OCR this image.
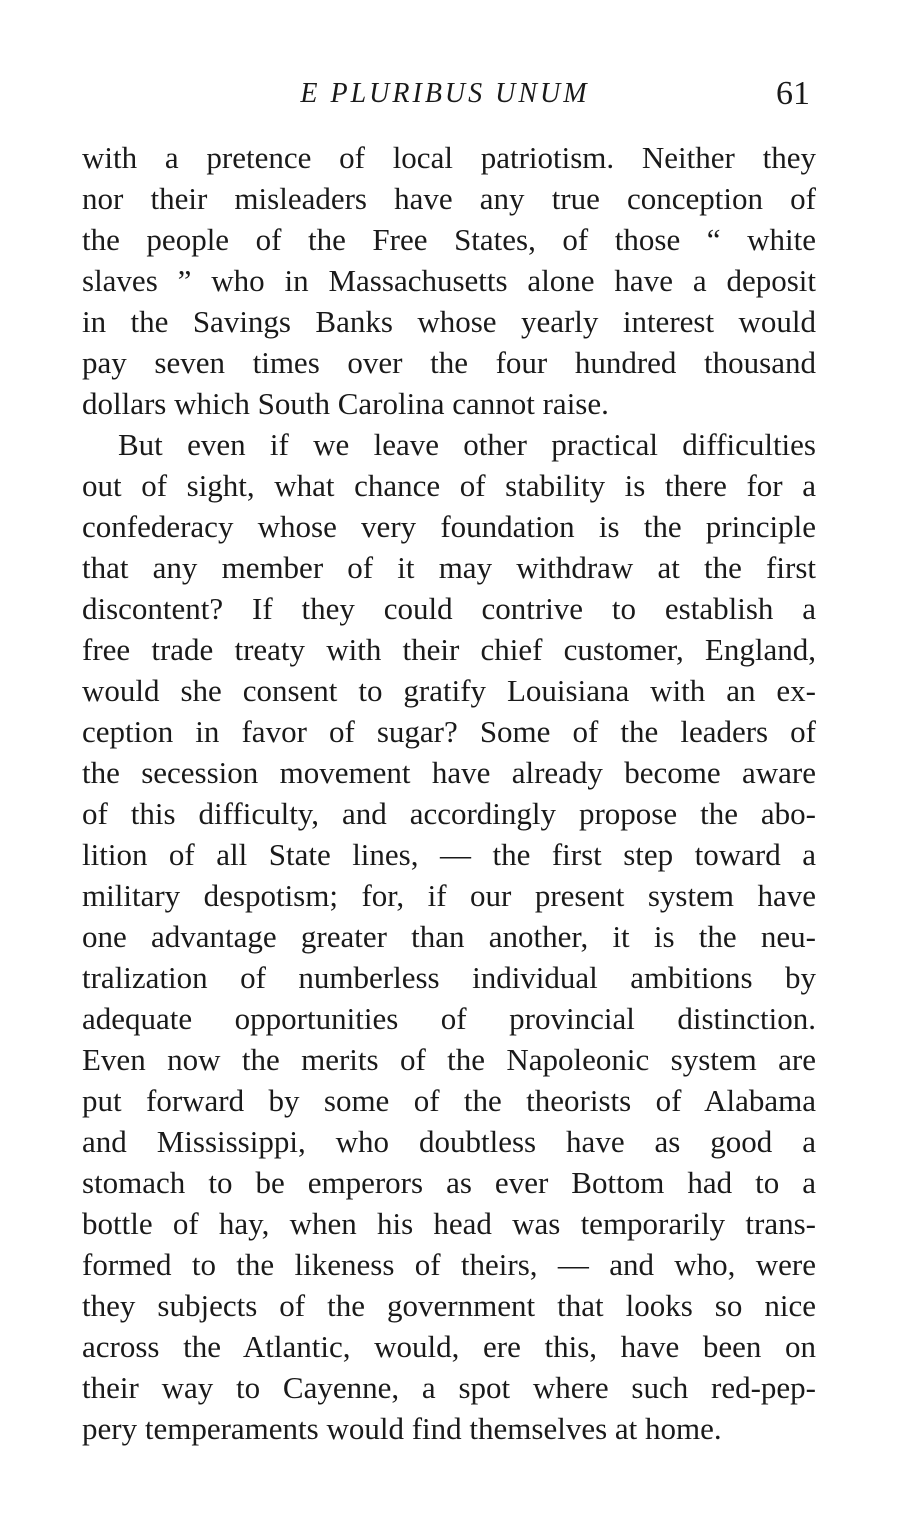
E PLURIBUS UNUM	61
with a pretence of local patriotism. Neither they
nor their misleaders have any true conception of
the people of the Free States, of those “ white
slaves ” who in Massachusetts alone have a deposit
in the Savings Banks whose yearly interest would
pay seven times over the four hundred thousand
dollars which South Carolina cannot raise.
But even if we leave other practical difficulties
out of sight, what chance of stability is there for a
confederacy whose very foundation is the principle
that any member of it may withdraw at the first
discontent? If they could contrive to establish a
free trade treaty with their chief customer, England,
would she consent to gratify Louisiana with an ex-
ception in favor of sugar? Some of the leaders of
the secession movement have already become aware
of this difficulty, and accordingly propose the abo-
lition of all State lines, — the first step toward a
military despotism; for, if our present system have
one advantage greater than another, it is the neu-
tralization of numberless individual ambitions by
adequate opportunities of provincial distinction.
Even now the merits of the Napoleonic system are
put forward by some of the theorists of Alabama
and Mississippi, who doubtless have as good a
stomach to be emperors as ever Bottom had to a
bottle of hay, when his head was temporarily trans-
formed to the likeness of theirs, — and who, were
they subjects of the government that looks so nice
across the Atlantic, would, ere this, have been on
their way to Cayenne, a spot where such red-pep-
pery temperaments would find themselves at home.
